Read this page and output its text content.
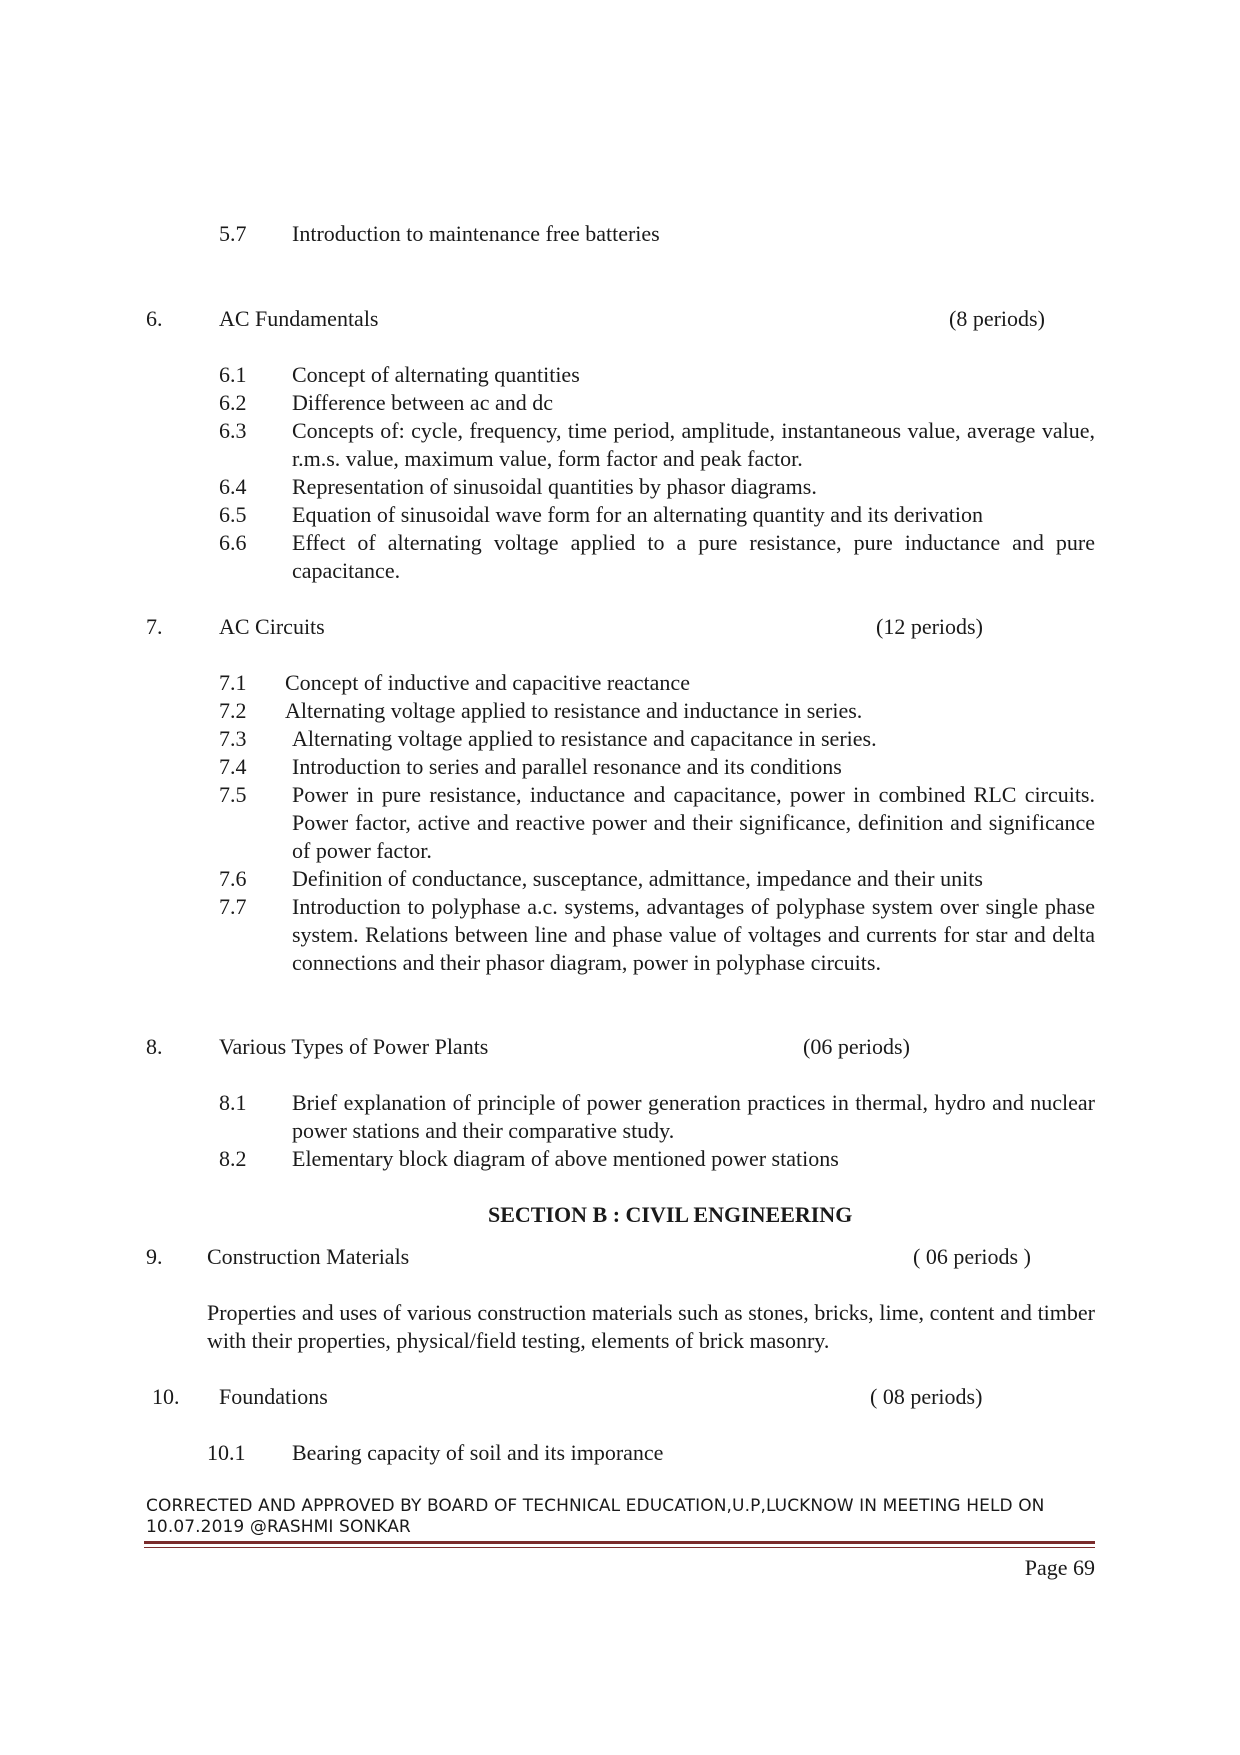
5.7 Introduction to maintenance free batteries
6.	AC Fundamentals	(8 periods)
6.1 Concept of alternating quantities
6.2 Difference between ac and dc
6.3 Concepts of: cycle, frequency, time period, amplitude, instantaneous value, average value, r.m.s. value, maximum value, form factor and peak factor.
6.4 Representation of sinusoidal quantities by phasor diagrams.
6.5 Equation of sinusoidal wave form for an alternating quantity and its derivation
6.6 Effect of alternating voltage applied to a pure resistance, pure inductance and pure capacitance.
7.	AC Circuits	(12 periods)
7.1 Concept of inductive and capacitive reactance
7.2 Alternating voltage applied to resistance and inductance in series.
7.3 Alternating voltage applied to resistance and capacitance in series.
7.4 Introduction to series and parallel resonance and its conditions
7.5 Power in pure resistance, inductance and capacitance, power in combined RLC circuits. Power factor, active and reactive power and their significance, definition and significance of power factor.
7.6 Definition of conductance, susceptance, admittance, impedance and their units
7.7 Introduction to polyphase a.c. systems, advantages of polyphase system over single phase system. Relations between line and phase value of voltages and currents for star and delta connections and their phasor diagram, power in polyphase circuits.
8.	Various Types of Power Plants	(06 periods)
8.1 Brief explanation of principle of power generation practices in thermal, hydro and nuclear power stations and their comparative study.
8.2 Elementary block diagram of above mentioned power stations
SECTION B : CIVIL ENGINEERING
9. Construction Materials	( 06 periods )
Properties and uses of various construction materials such as stones, bricks, lime, content and timber with their properties, physical/field testing, elements of brick masonry.
10. Foundations	( 08 periods)
10.1 Bearing capacity of soil and its imporance
CORRECTED AND APPROVED BY BOARD OF TECHNICAL EDUCATION,U.P,LUCKNOW IN MEETING HELD ON
10.07.2019 @RASHMI SONKAR
Page 69
